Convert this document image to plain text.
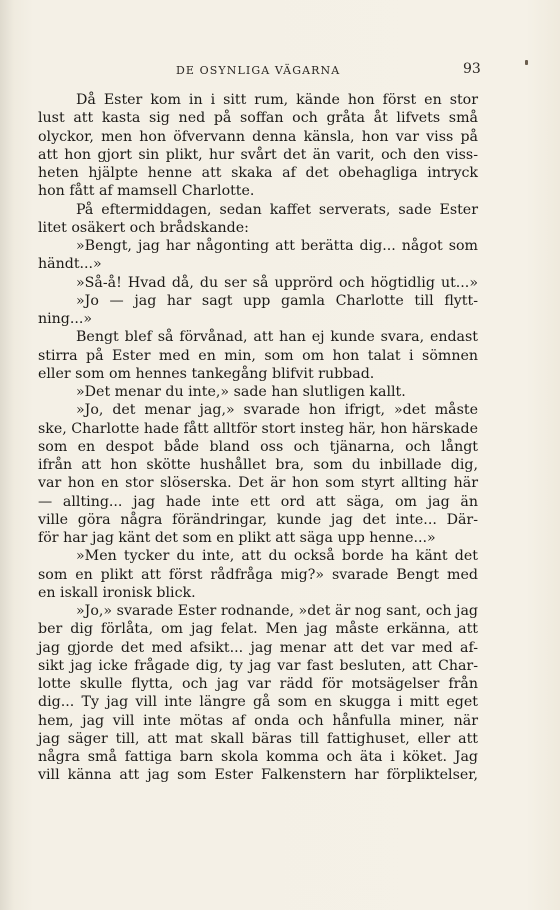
DE OSYNLIGA VÄGARNA	93
Då Ester kom in i sitt rum, kände hon först en stor
lust att kasta sig ned på soffan och gråta åt lifvets små
olyckor, men hon öfvervann denna känsla, hon var viss på
att hon gjort sin plikt, hur svårt det än varit, och den viss-
heten hjälpte henne att skaka af det obehagliga intryck
hon fått af mamsell Charlotte.
På eftermiddagen, sedan kaffet serverats, sade Ester
litet osäkert och brådskande:
»Bengt, jag har någonting att berätta dig... något som
händt...»
»Så-å! Hvad då, du ser så upprörd och högtidlig ut...»
»Jo — jag har sagt upp gamla Charlotte till flytt-
ning...»
Bengt blef så förvånad, att han ej kunde svara, endast
stirra på Ester med en min, som om hon talat i sömnen
eller som om hennes tankegång blifvit rubbad.
»Det menar du inte,» sade han slutligen kallt.
»Jo, det menar jag,» svarade hon ifrigt, »det måste
ske, Charlotte hade fått alltför stort insteg här, hon härskade
som en despot både bland oss och tjänarna, och långt
ifrån att hon skötte hushållet bra, som du inbillade dig,
var hon en stor slöserska. Det är hon som styrt allting här
— allting... jag hade inte ett ord att säga, om jag än
ville göra några förändringar, kunde jag det inte... Där-
för har jag känt det som en plikt att säga upp henne...»
»Men tycker du inte, att du också borde ha känt det
som en plikt att först rådfråga mig?» svarade Bengt med
en iskall ironisk blick.
»Jo,» svarade Ester rodnande, »det är nog sant, och jag
ber dig förlåta, om jag felat. Men jag måste erkänna, att
jag gjorde det med afsikt... jag menar att det var med af-
sikt jag icke frågade dig, ty jag var fast besluten, att Char-
lotte skulle flytta, och jag var rädd för motsägelser från
dig... Ty jag vill inte längre gå som en skugga i mitt eget
hem, jag vill inte mötas af onda och hånfulla miner, när
jag säger till, att mat skall bäras till fattighuset, eller att
några små fattiga barn skola komma och äta i köket. Jag
vill känna att jag som Ester Falkenstern har förpliktelser,
